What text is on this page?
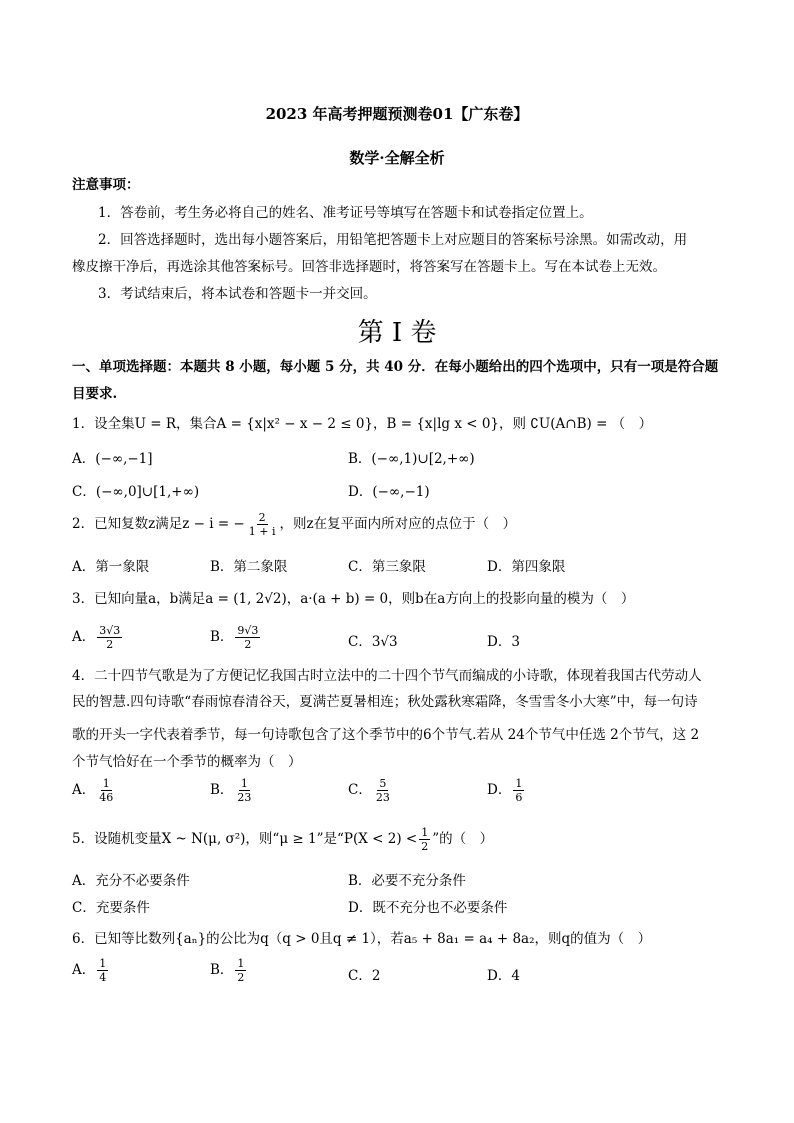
2023 年高考押题预测卷01【广东卷】
数学·全解全析
注意事项：
1．答卷前，考生务必将自己的姓名、准考证号等填写在答题卡和试卷指定位置上。
2．回答选择题时，选出每小题答案后，用铅笔把答题卡上对应题目的答案标号涂黑。如需改动，用
橡皮擦干净后，再选涂其他答案标号。回答非选择题时，将答案写在答题卡上。写在本试卷上无效。
3．考试结束后，将本试卷和答题卡一并交回。
第 I 卷
一、单项选择题：本题共 8 小题，每小题 5 分，共 40 分．在每小题给出的四个选项中，只有一项是符合题
目要求.
1．设全集U = R，集合A = {x|x² − x − 2 ≤ 0}，B = {x|lg x < 0}，则 ∁U(A∩B) = （　）
A．(−∞,−1]	B．(−∞,1)∪[2,+∞)
C．(−∞,0]∪[1,+∞)	D．(−∞,−1)
2．已知复数z满足z − i = − $\frac{2}{1 + i}$ ，则z在复平面内所对应的点位于（　）
A．第一象限	B．第二象限	C．第三象限	D．第四象限
3．已知向量a，b满足a = (1, 2√2)，a·(a + b) = 0，则b在a方向上的投影向量的模为（　）
A． $\frac{3√3}{2}$	B． $\frac{9√3}{2}$	C．3√3	D．3
4．二十四节气歌是为了方便记忆我国古时立法中的二十四个节气而编成的小诗歌，体现着我国古代劳动人
民的智慧.四句诗歌“春雨惊春清谷天，夏满芒夏暑相连；秋处露秋寒霜降，冬雪雪冬小大寒”中，每一句诗
歌的开头一字代表着季节，每一句诗歌包含了这个季节中的6个节气.若从 24个节气中任选 2个节气，这 2
个节气恰好在一个季节的概率为（　）
A． $\frac{1}{46}$	B． $\frac{1}{23}$	C． $\frac{5}{23}$	D． $\frac{1}{6}$
5．设随机变量X ~ N(μ, σ²)，则“μ ≥ 1”是“$P(X < 2) < \frac{1}{2}$ ”的（　）
A．充分不必要条件	B．必要不充分条件
C．充要条件	D．既不充分也不必要条件
6．已知等比数列{aₙ}的公比为q（q > 0且q ≠ 1），若a₅ + 8a₁ = a₄ + 8a₂，则q的值为（　）
A． $\frac{1}{4}$	B． $\frac{1}{2}$	C．2	D．4
